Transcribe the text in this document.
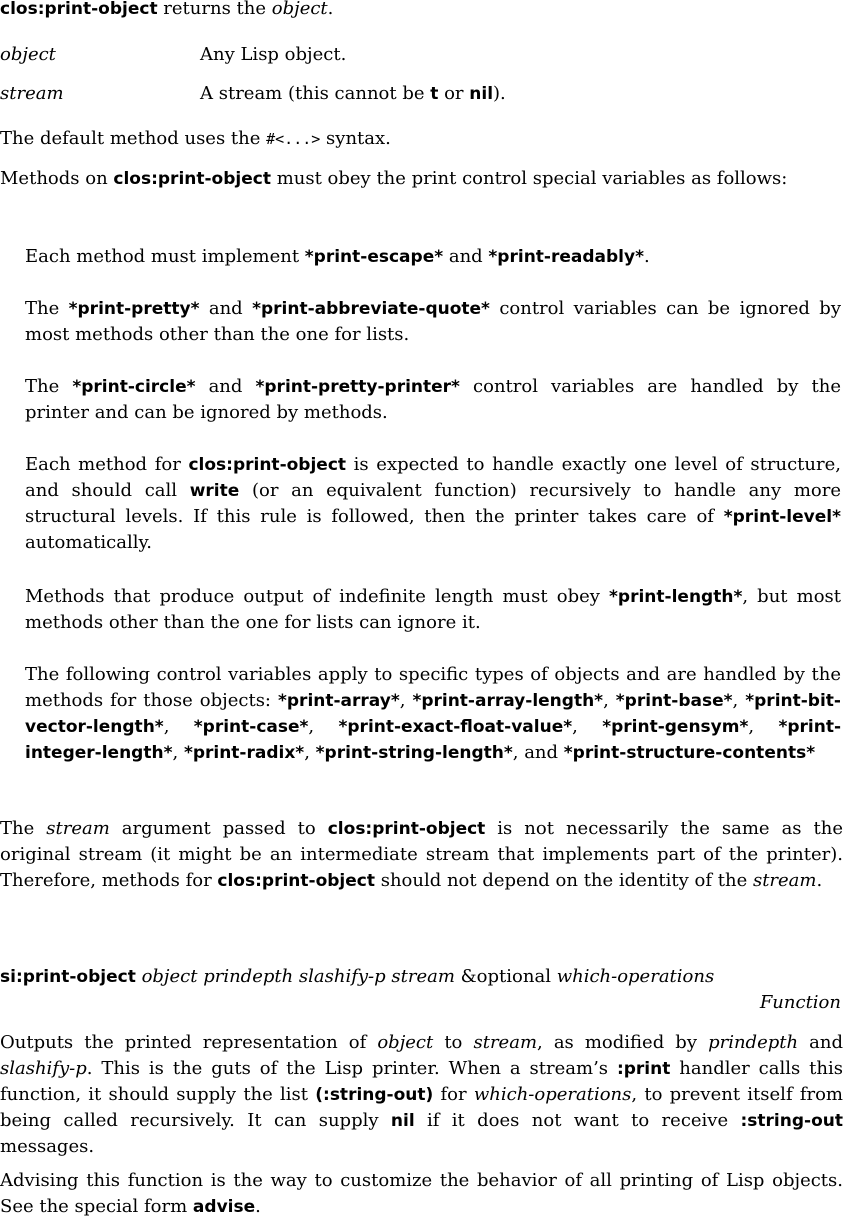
clos:print-object returns the object.

object	Any Lisp object.
stream	A stream (this cannot be t or nil).

The default method uses the #<...> syntax.

Methods on clos:print-object must obey the print control special variables as follows:

Each method must implement *print-escape* and *print-readably*.

The *print-pretty* and *print-abbreviate-quote* control variables can be ignored by most methods other than the one for lists.

The *print-circle* and *print-pretty-printer* control variables are handled by the printer and can be ignored by methods.

Each method for clos:print-object is expected to handle exactly one level of structure, and should call write (or an equivalent function) recursively to handle any more structural levels. If this rule is followed, then the printer takes care of *print-level* automatically.

Methods that produce output of indefinite length must obey *print-length*, but most methods other than the one for lists can ignore it.

The following control variables apply to specific types of objects and are handled by the methods for those objects: *print-array*, *print-array-length*, *print-base*, *print-bit-vector-length*, *print-case*, *print-exact-float-value*, *print-gensym*, *print-integer-length*, *print-radix*, *print-string-length*, and *print-structure-contents*

The stream argument passed to clos:print-object is not necessarily the same as the original stream (it might be an intermediate stream that implements part of the printer). Therefore, methods for clos:print-object should not depend on the identity of the stream.

si:print-object object prindepth slashify-p stream &optional which-operations
Function

Outputs the printed representation of object to stream, as modified by prindepth and slashify-p. This is the guts of the Lisp printer. When a stream’s :print handler calls this function, it should supply the list (:string-out) for which-operations, to prevent itself from being called recursively. It can supply nil if it does not want to receive :string-out messages.

Advising this function is the way to customize the behavior of all printing of Lisp objects. See the special form advise.
